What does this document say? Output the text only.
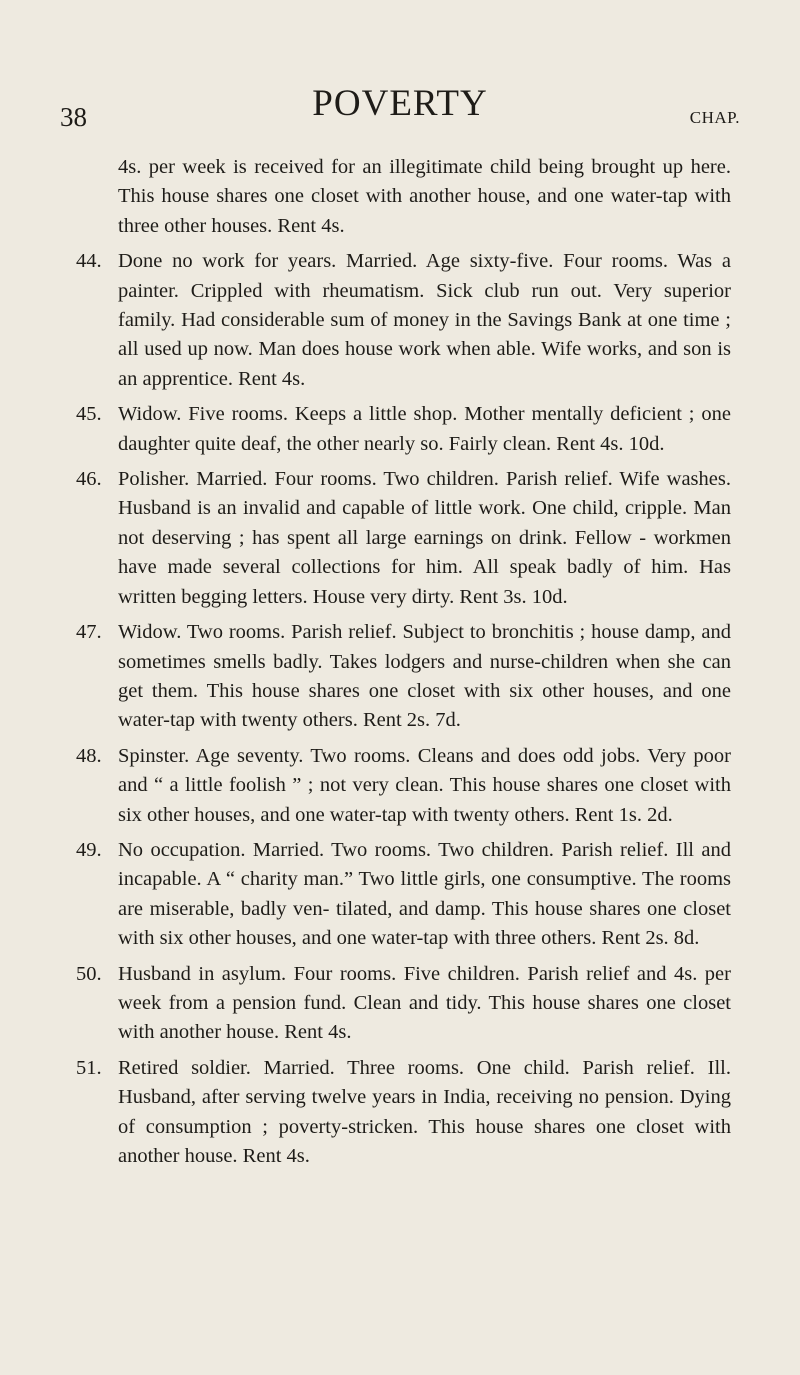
38	POVERTY	CHAP.

4s. per week is received for an illegitimate child being brought up here. This house shares one closet with another house, and one water-tap with three other houses. Rent 4s.

44. Done no work for years. Married. Age sixty-five. Four rooms. Was a painter. Crippled with rheumatism. Sick club run out. Very superior family. Had considerable sum of money in the Savings Bank at one time ; all used up now. Man does house work when able. Wife works, and son is an apprentice. Rent 4s.
45. Widow. Five rooms. Keeps a little shop. Mother mentally deficient ; one daughter quite deaf, the other nearly so. Fairly clean. Rent 4s. 10d.
46. Polisher. Married. Four rooms. Two children. Parish relief. Wife washes. Husband is an invalid and capable of little work. One child, cripple. Man not deserving ; has spent all large earnings on drink. Fellow - workmen have made several collections for him. All speak badly of him. Has written begging letters. House very dirty. Rent 3s. 10d.
47. Widow. Two rooms. Parish relief. Subject to bronchitis ; house damp, and sometimes smells badly. Takes lodgers and nurse-children when she can get them. This house shares one closet with six other houses, and one water-tap with twenty others. Rent 2s. 7d.
48. Spinster. Age seventy. Two rooms. Cleans and does odd jobs. Very poor and “ a little foolish ” ; not very clean. This house shares one closet with six other houses, and one water-tap with twenty others. Rent 1s. 2d.
49. No occupation. Married. Two rooms. Two children. Parish relief. Ill and incapable. A “ charity man.” Two little girls, one consumptive. The rooms are miserable, badly ven- tilated, and damp. This house shares one closet with six other houses, and one water-tap with three others. Rent 2s. 8d.
50. Husband in asylum. Four rooms. Five children. Parish relief and 4s. per week from a pension fund. Clean and tidy. This house shares one closet with another house. Rent 4s.
51. Retired soldier. Married. Three rooms. One child. Parish relief. Ill. Husband, after serving twelve years in India, receiving no pension. Dying of consumption ; poverty-stricken. This house shares one closet with another house. Rent 4s.
